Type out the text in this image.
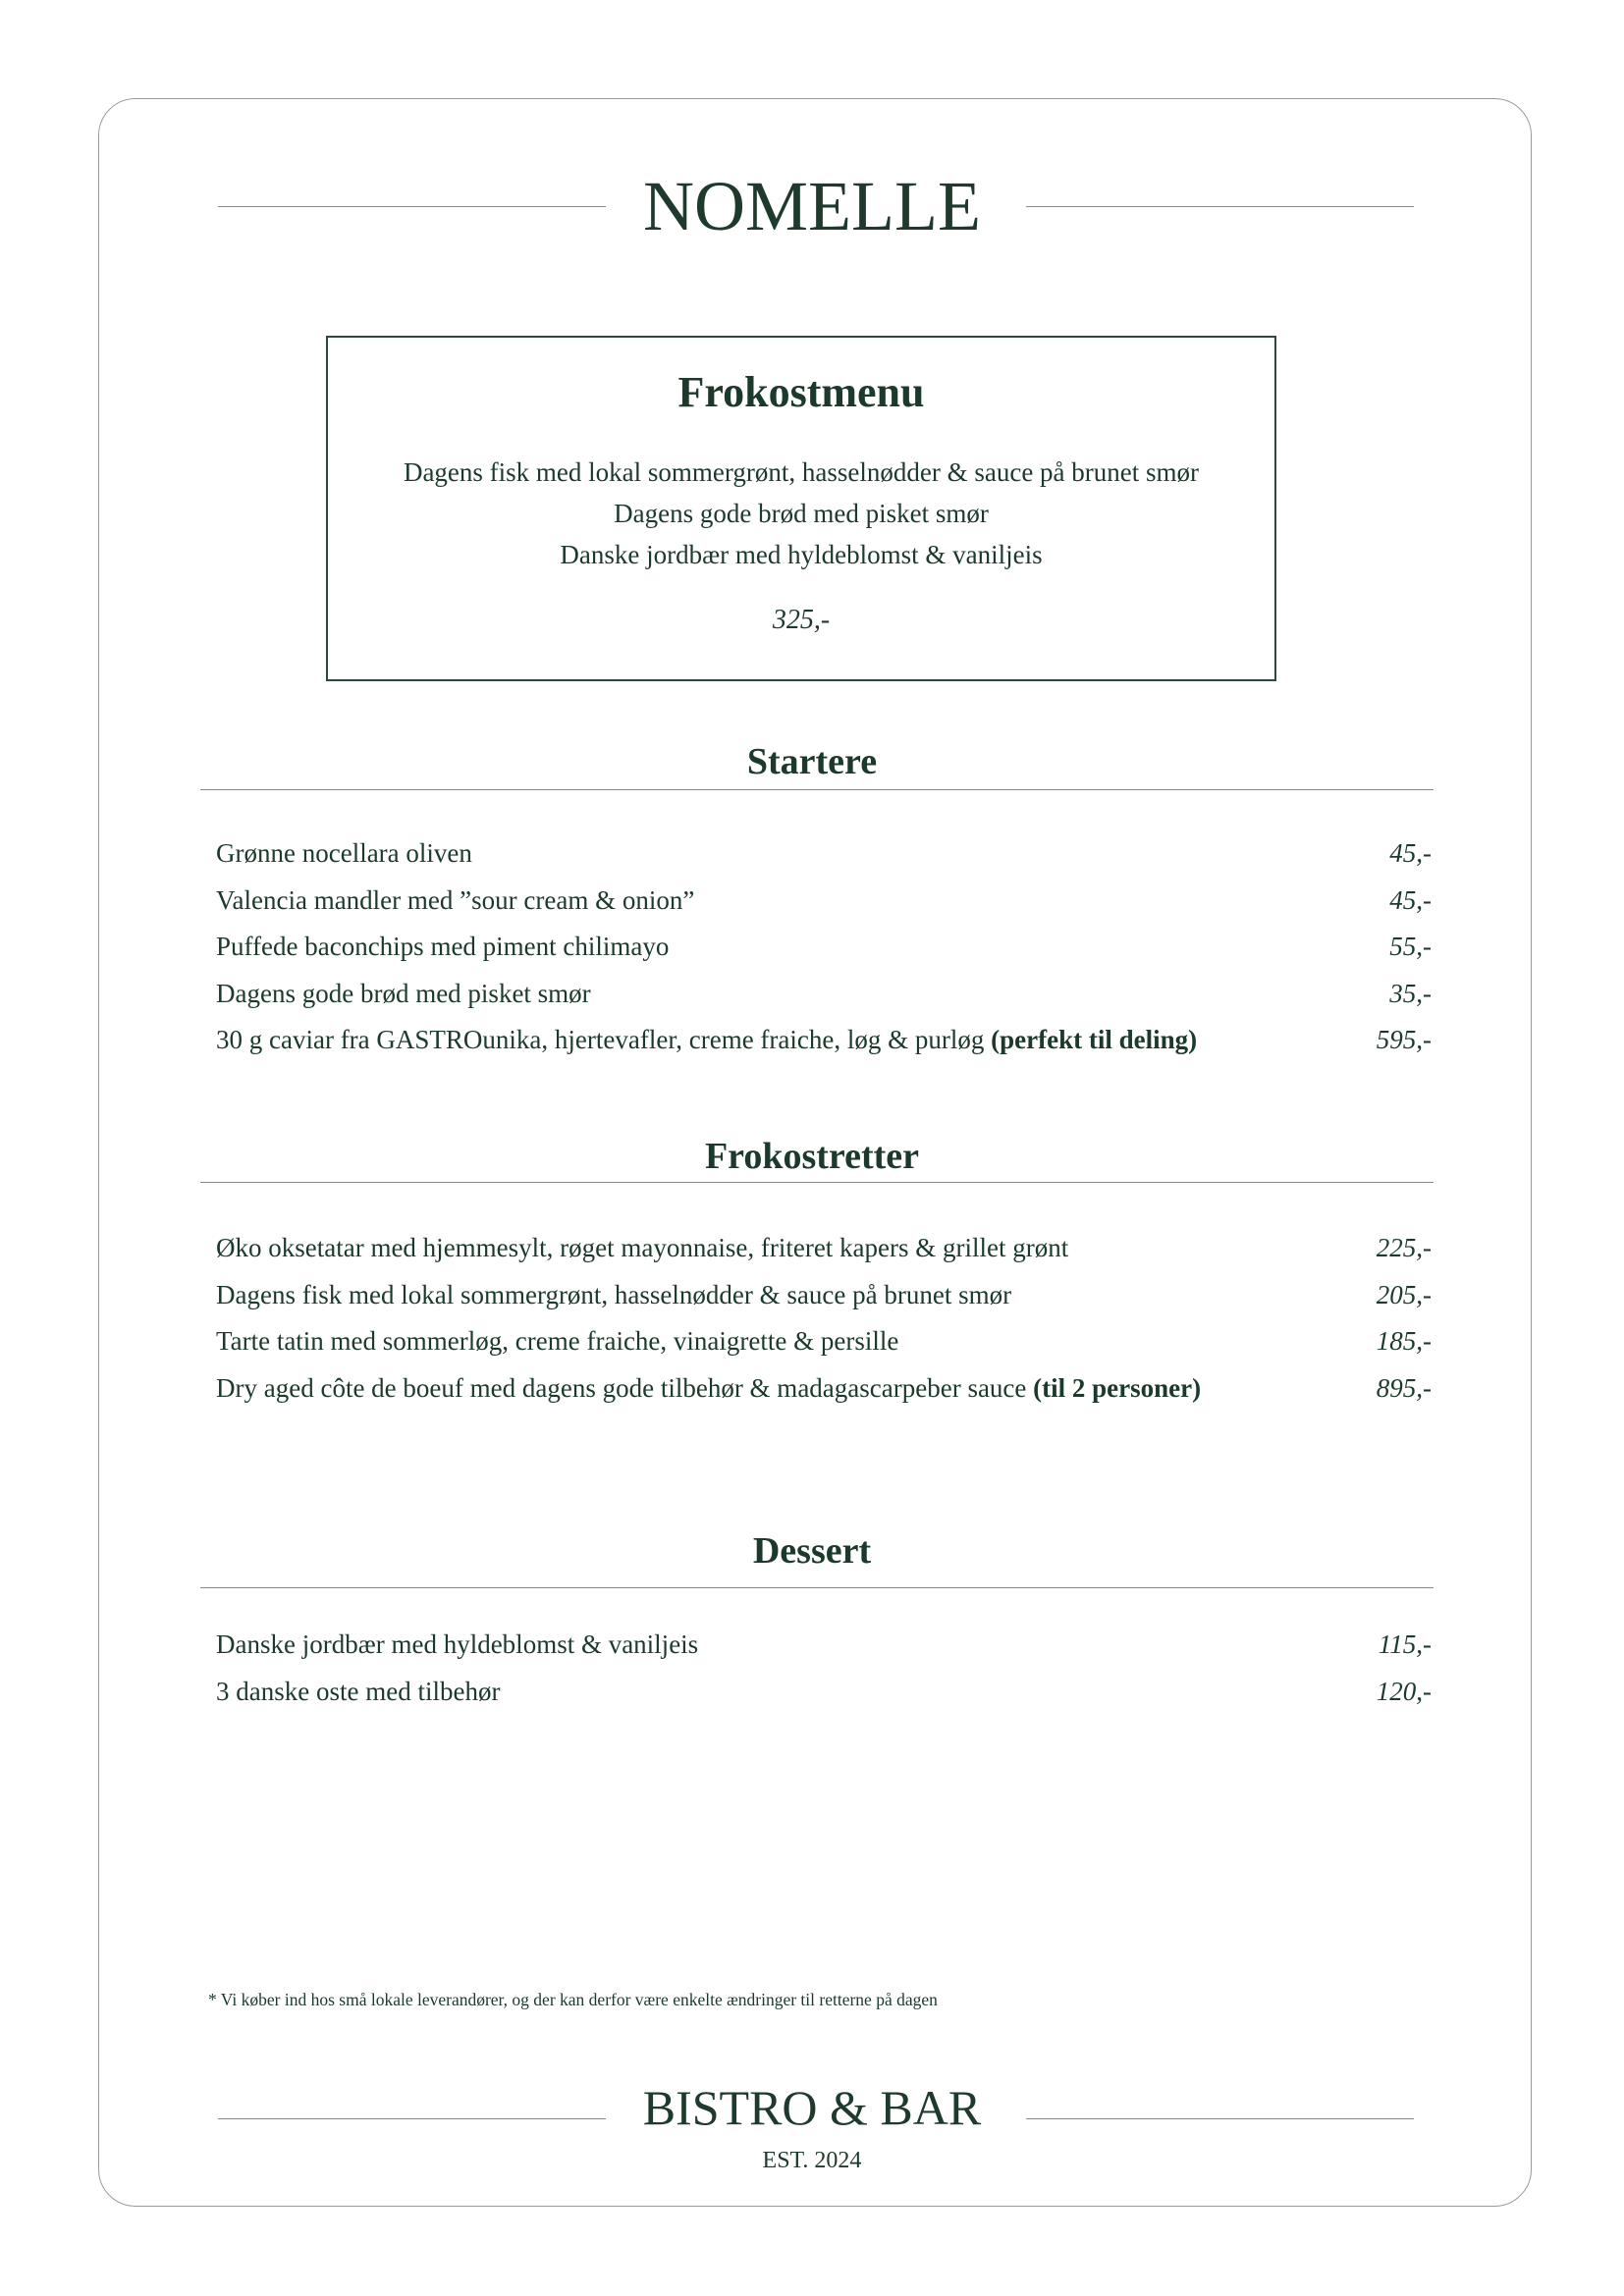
NOMELLE
Frokostmenu
Dagens fisk med lokal sommergrønt, hasselnødder & sauce på brunet smør
Dagens gode brød med pisket smør
Danske jordbær med hyldeblomst & vaniljeis
325,-
Startere
Grønne nocellara oliven	45,-
Valencia mandler med ”sour cream & onion”	45,-
Puffede baconchips med piment chilimayo	55,-
Dagens gode brød med pisket smør	35,-
30 g caviar fra GASTROunika, hjertevafler, creme fraiche, løg & purløg (perfekt til deling)	595,-
Frokostretter
Øko oksetatar med hjemmesylt, røget mayonnaise, friteret kapers & grillet grønt	225,-
Dagens fisk med lokal sommergrønt, hasselnødder & sauce på brunet smør	205,-
Tarte tatin med sommerløg, creme fraiche, vinaigrette & persille	185,-
Dry aged côte de boeuf med dagens gode tilbehør & madagascarpeber sauce (til 2 personer)	895,-
Dessert
Danske jordbær med hyldeblomst & vaniljeis	115,-
3 danske oste med tilbehør	120,-
* Vi køber ind hos små lokale leverandører, og der kan derfor være enkelte ændringer til retterne på dagen
BISTRO & BAR
EST. 2024
